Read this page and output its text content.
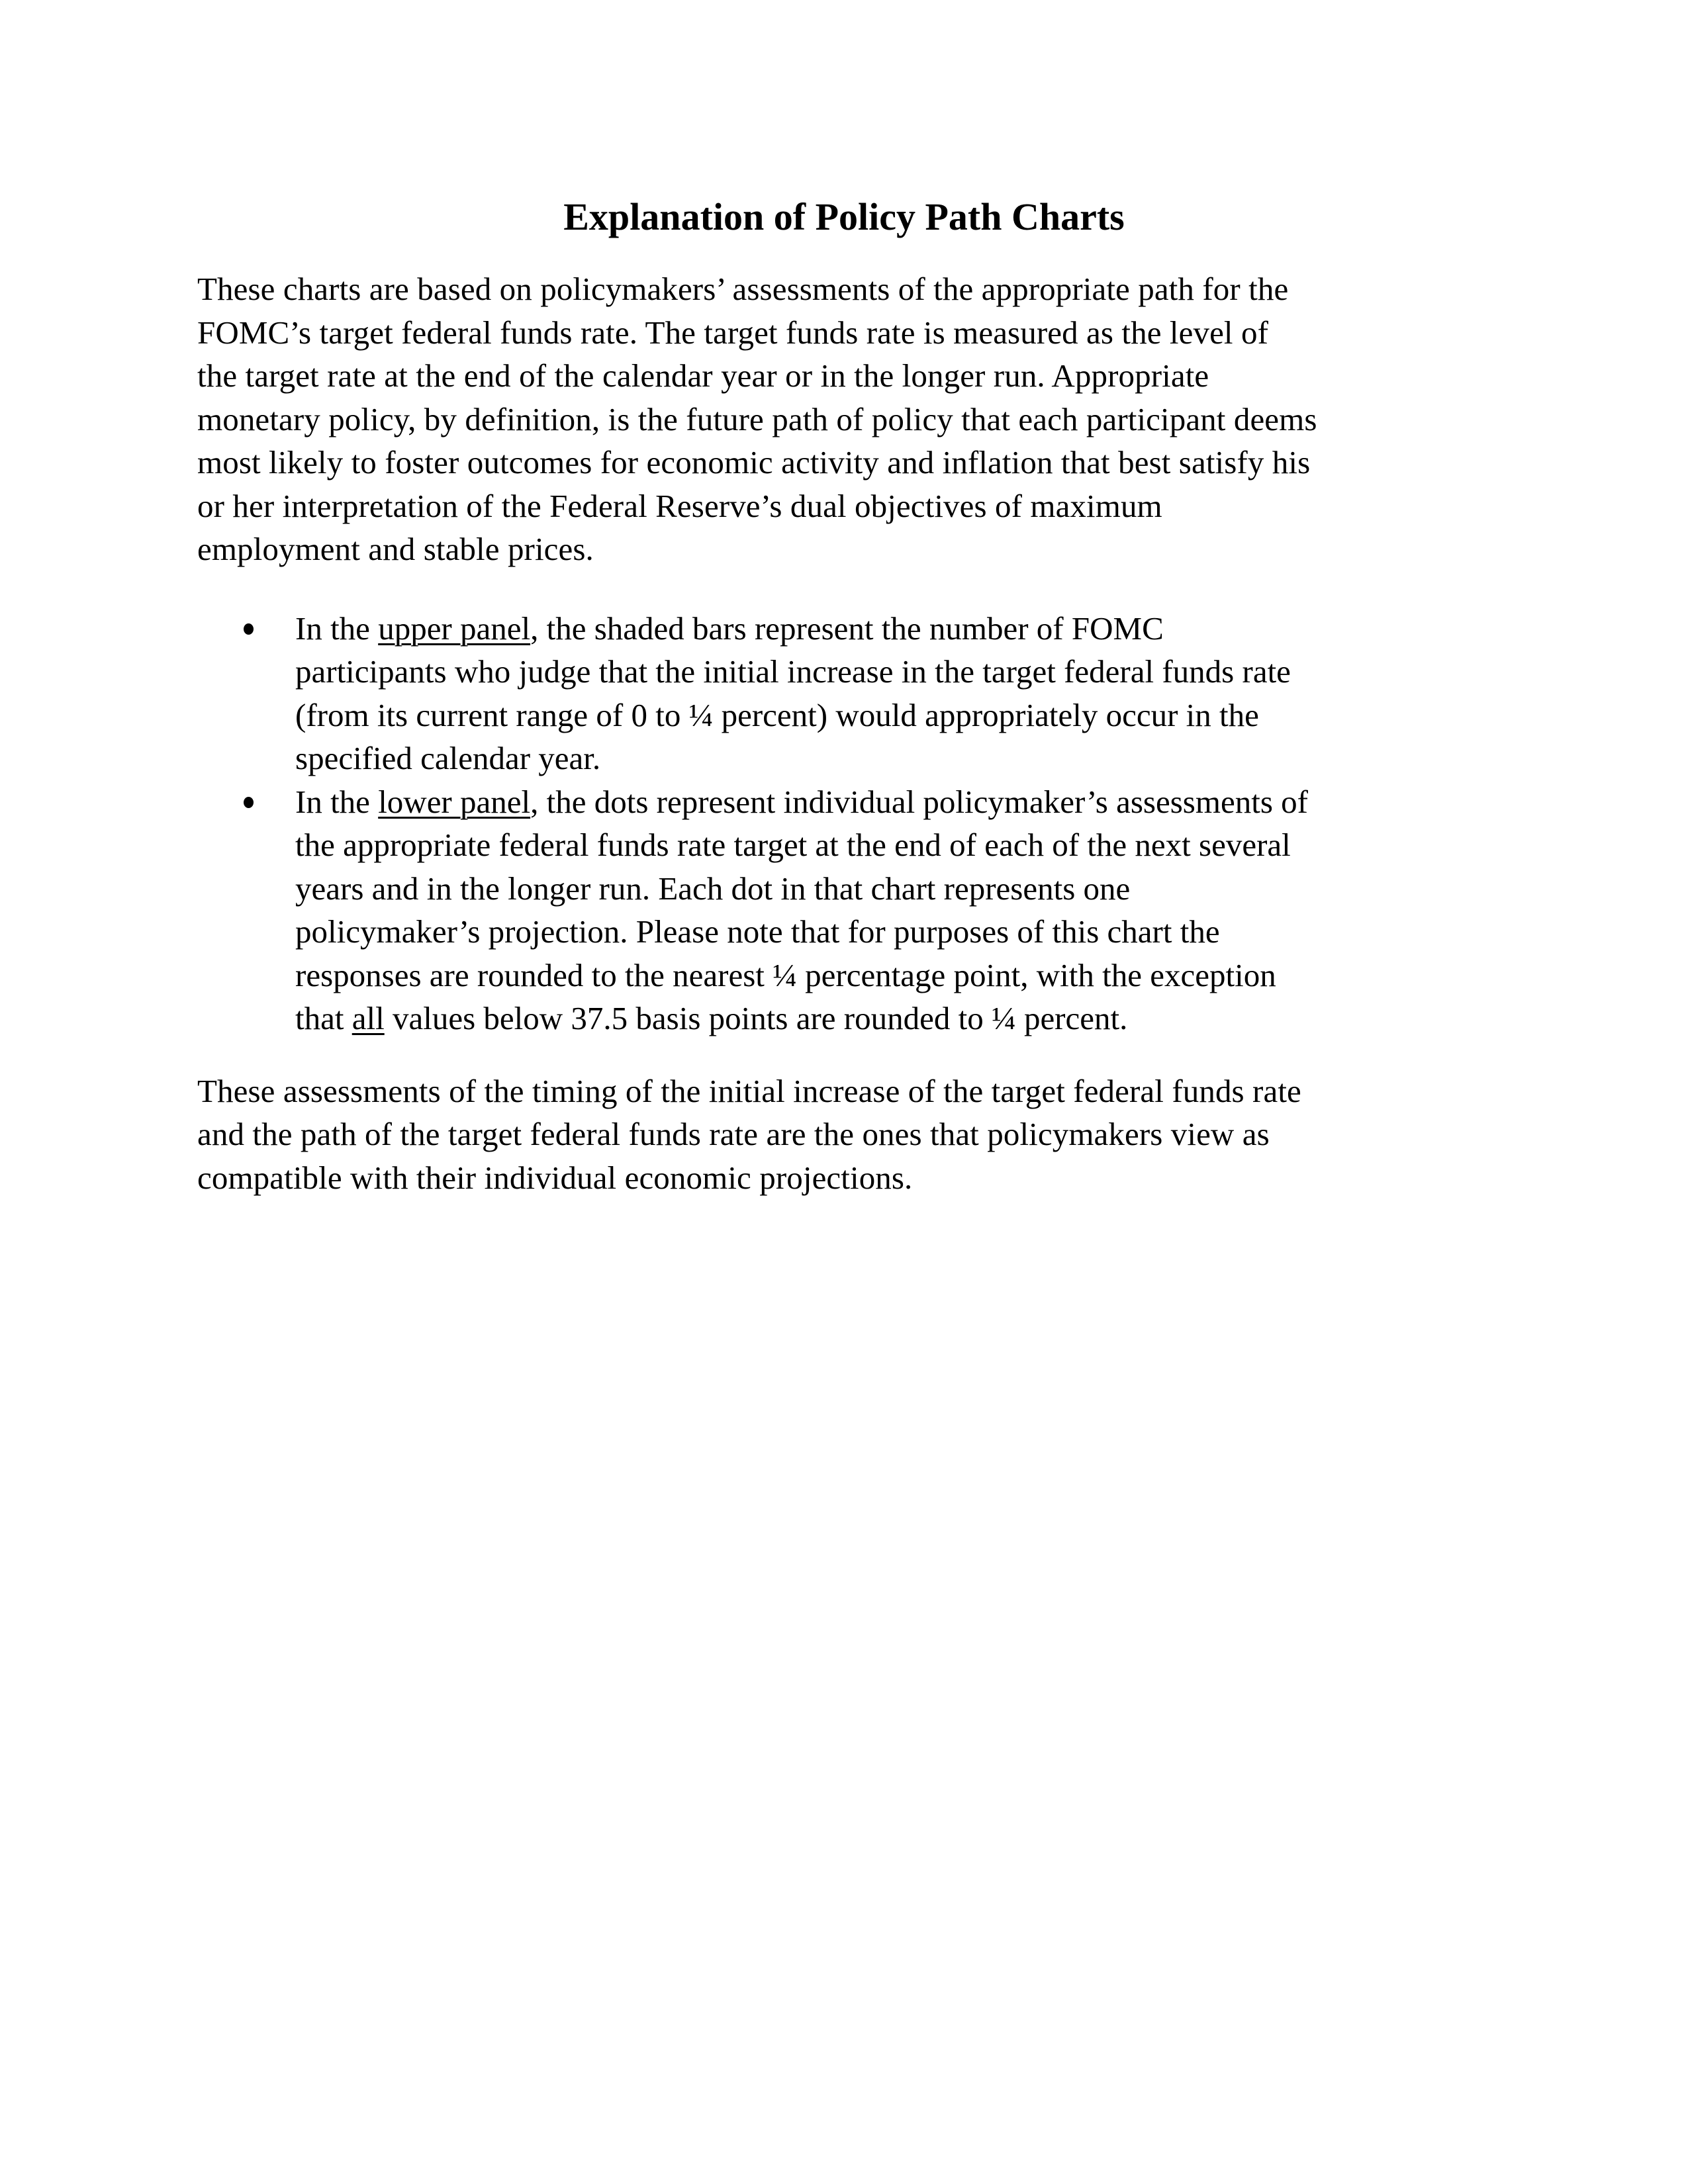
Explanation of Policy Path Charts

These charts are based on policymakers’ assessments of the appropriate path for the
FOMC’s target federal funds rate. The target funds rate is measured as the level of
the target rate at the end of the calendar year or in the longer run. Appropriate
monetary policy, by definition, is the future path of policy that each participant deems
most likely to foster outcomes for economic activity and inflation that best satisfy his
or her interpretation of the Federal Reserve’s dual objectives of maximum
employment and stable prices.

In the upper panel, the shaded bars represent the number of FOMC
participants who judge that the initial increase in the target federal funds rate
(from its current range of 0 to ¼ percent) would appropriately occur in the
specified calendar year.
In the lower panel, the dots represent individual policymaker’s assessments of
the appropriate federal funds rate target at the end of each of the next several
years and in the longer run. Each dot in that chart represents one
policymaker’s projection. Please note that for purposes of this chart the
responses are rounded to the nearest ¼ percentage point, with the exception
that all values below 37.5 basis points are rounded to ¼ percent.

These assessments of the timing of the initial increase of the target federal funds rate
and the path of the target federal funds rate are the ones that policymakers view as
compatible with their individual economic projections.
